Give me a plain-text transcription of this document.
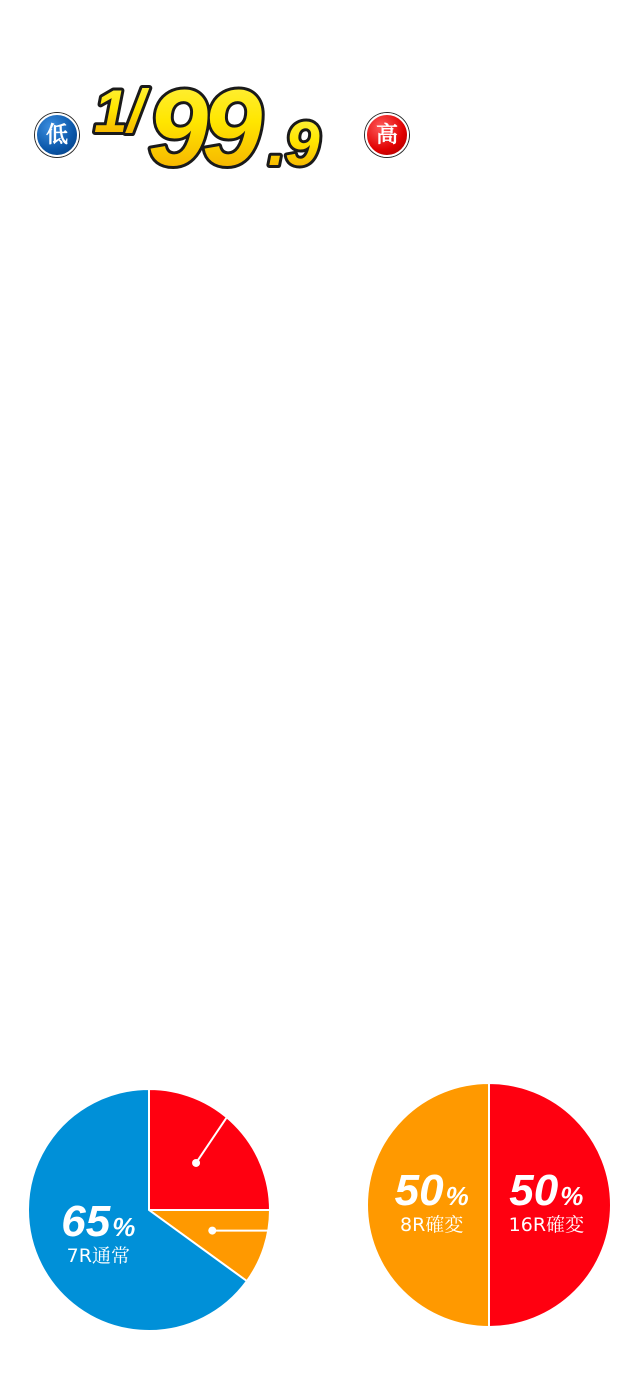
低 1/ 99 .9	高
65%
7R通常
50%
16R確変
50%
8R確変
